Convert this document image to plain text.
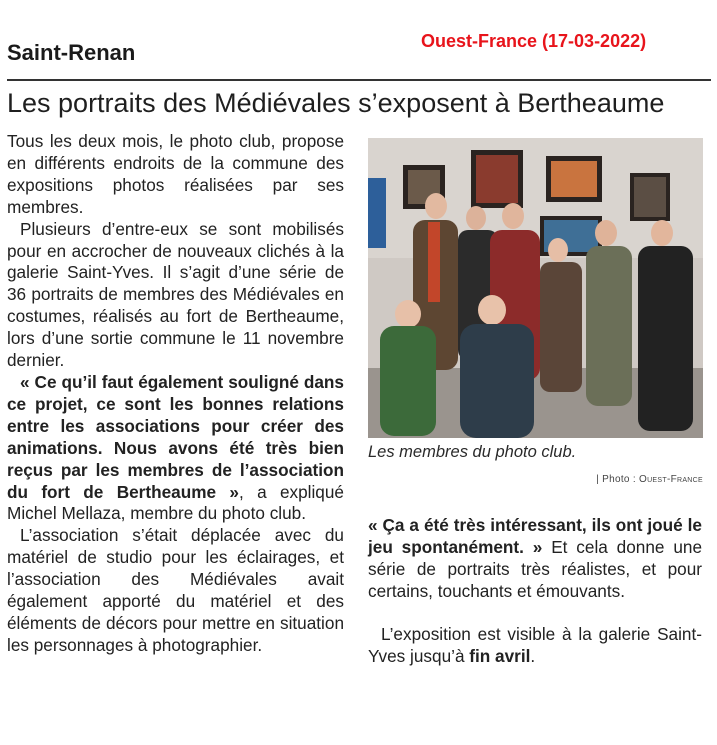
Saint-Renan	Ouest-France (17-03-2022)
Les portraits des Médiévales s’exposent à Bertheaume

Tous les deux mois, le photo club, propose en différents endroits de la commune des expositions photos réalisées par ses membres.

Plusieurs d’entre-eux se sont mobilisés pour en accrocher de nouveaux clichés à la galerie Saint-Yves. Il s’agit d’une série de 36 portraits de membres des Médiévales en costumes, réalisés au fort de Bertheaume, lors d’une sortie commune le 11 novembre dernier.

« Ce qu’il faut également souligné dans ce projet, ce sont les bonnes relations entre les associations pour créer des animations. Nous avons été très bien reçus par les membres de l’association du fort de Bertheaume », a expliqué Michel Mellaza, membre du photo club.

L’association s’était déplacée avec du matériel de studio pour les éclairages, et l’association des Médiévales avait également apporté du matériel et des éléments de décors pour mettre en situation les personnages à photographier.

Les membres du photo club.
| Photo : Ouest-France

« Ça a été très intéressant, ils ont joué le jeu spontanément. » Et cela donne une série de portraits très réalistes, et pour certains, touchants et émouvants.

L’exposition est visible à la galerie Saint-Yves jusqu’à fin avril.
